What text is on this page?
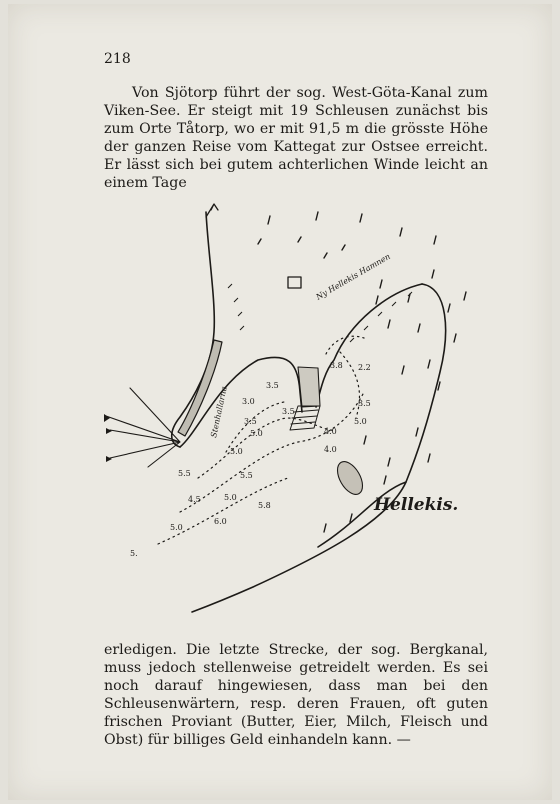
218
Von Sjötorp führt der sog. West-Göta-Kanal zum Viken-See. Er steigt mit 19 Schleusen zunächst bis zum Orte Tåtorp, wo er mit 91,5 m die grösste Höhe der ganzen Reise vom Kattegat zur Ostsee erreicht. Er lässt sich bei gutem achterlichen Winde leicht an einem Tage
Hellekis.
Ny Hellekis Hamnen
Stenhallarna
3.5
3.8 2.2
4.0
3.5
5.0
5.0
3.5
5.0
3.0
5.5
5.0
5.8
6.0
4.0
5.5
4.5
5.0
3.5
5.
erledigen. Die letzte Strecke, der sog. Bergkanal, muss jedoch stellenweise getreidelt werden. Es sei noch darauf hingewiesen, dass man bei den Schleusenwärtern, resp. deren Frauen, oft guten frischen Proviant (Butter, Eier, Milch, Fleisch und Obst) für billiges Geld einhandeln kann. —
